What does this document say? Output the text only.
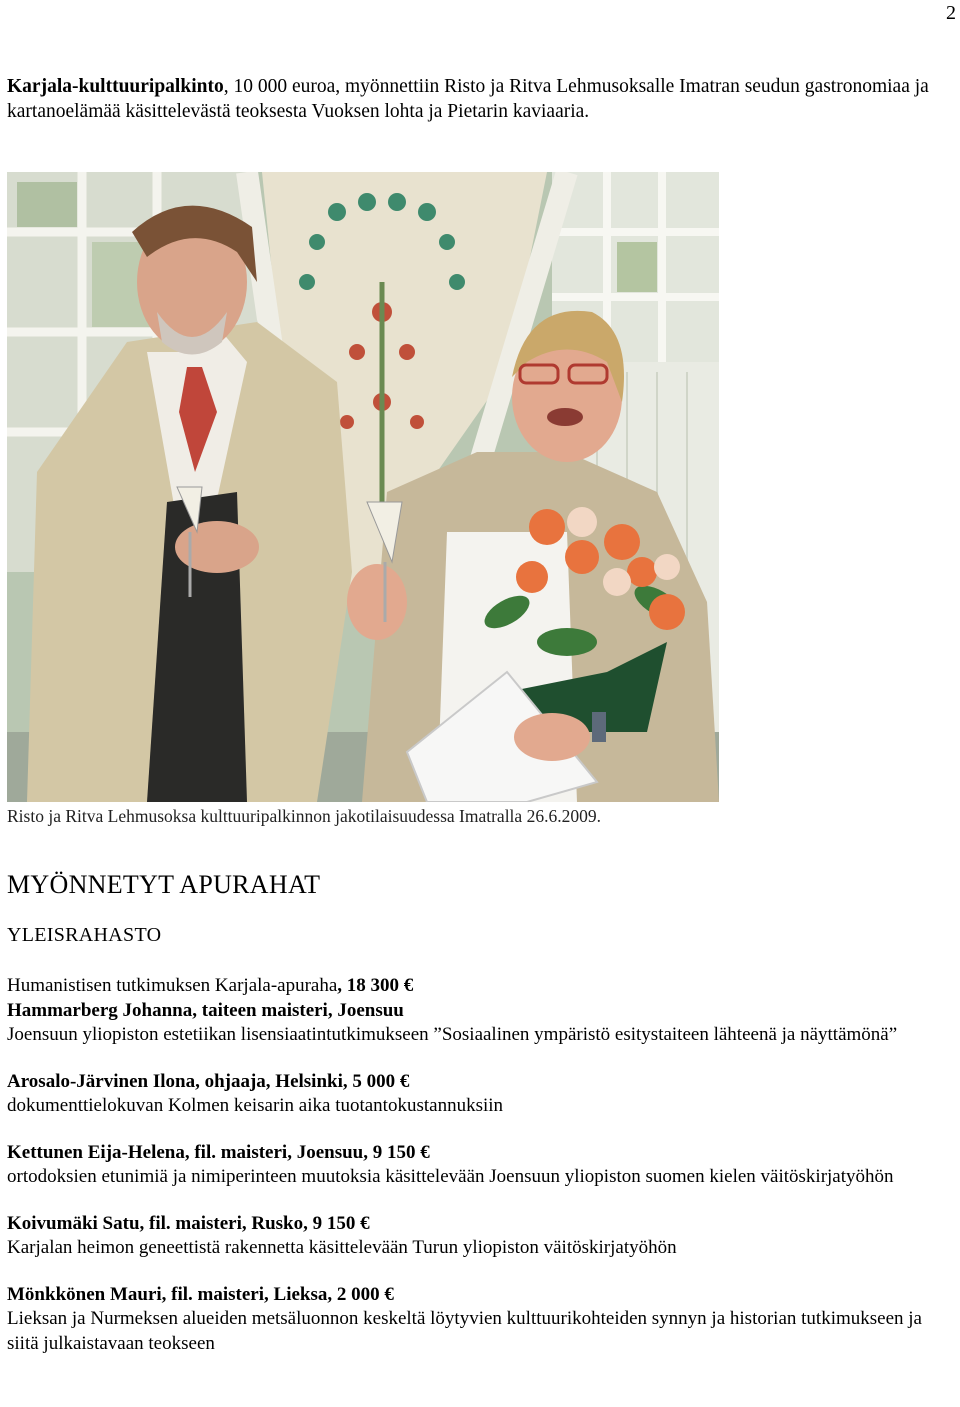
2

Karjala-kulttuuripalkinto, 10 000 euroa, myönnettiin Risto ja Ritva Lehmusoksalle Imatran seudun gastronomiaa ja kartanoelämää käsittelevästä teoksesta Vuoksen lohta ja Pietarin kaviaaria.

Risto ja Ritva Lehmusoksa kulttuuripalkinnon jakotilaisuudessa Imatralla 26.6.2009.
MYÖNNETYT APURAHAT
YLEISRAHASTO

Humanistisen tutkimuksen Karjala-apuraha, 18 300 €
Hammarberg Johanna, taiteen maisteri, Joensuu
Joensuun yliopiston estetiikan lisensiaatintutkimukseen ”Sosiaalinen ympäristö esitystaiteen lähteenä ja näyttämönä”

Arosalo-Järvinen Ilona, ohjaaja, Helsinki, 5 000 €
dokumenttielokuvan Kolmen keisarin aika tuotantokustannuksiin

Kettunen Eija-Helena, fil. maisteri, Joensuu, 9 150 €
ortodoksien etunimiä ja nimiperinteen muutoksia käsittelevään Joensuun yliopiston suomen kielen väitöskirjatyöhön

Koivumäki Satu, fil. maisteri, Rusko, 9 150 €
Karjalan heimon geneettistä rakennetta käsittelevään Turun yliopiston väitöskirjatyöhön

Mönkkönen Mauri, fil. maisteri, Lieksa, 2 000 €
Lieksan ja Nurmeksen alueiden metsäluonnon keskeltä löytyvien kulttuurikohteiden synnyn ja historian tutkimukseen ja siitä julkaistavaan teokseen
